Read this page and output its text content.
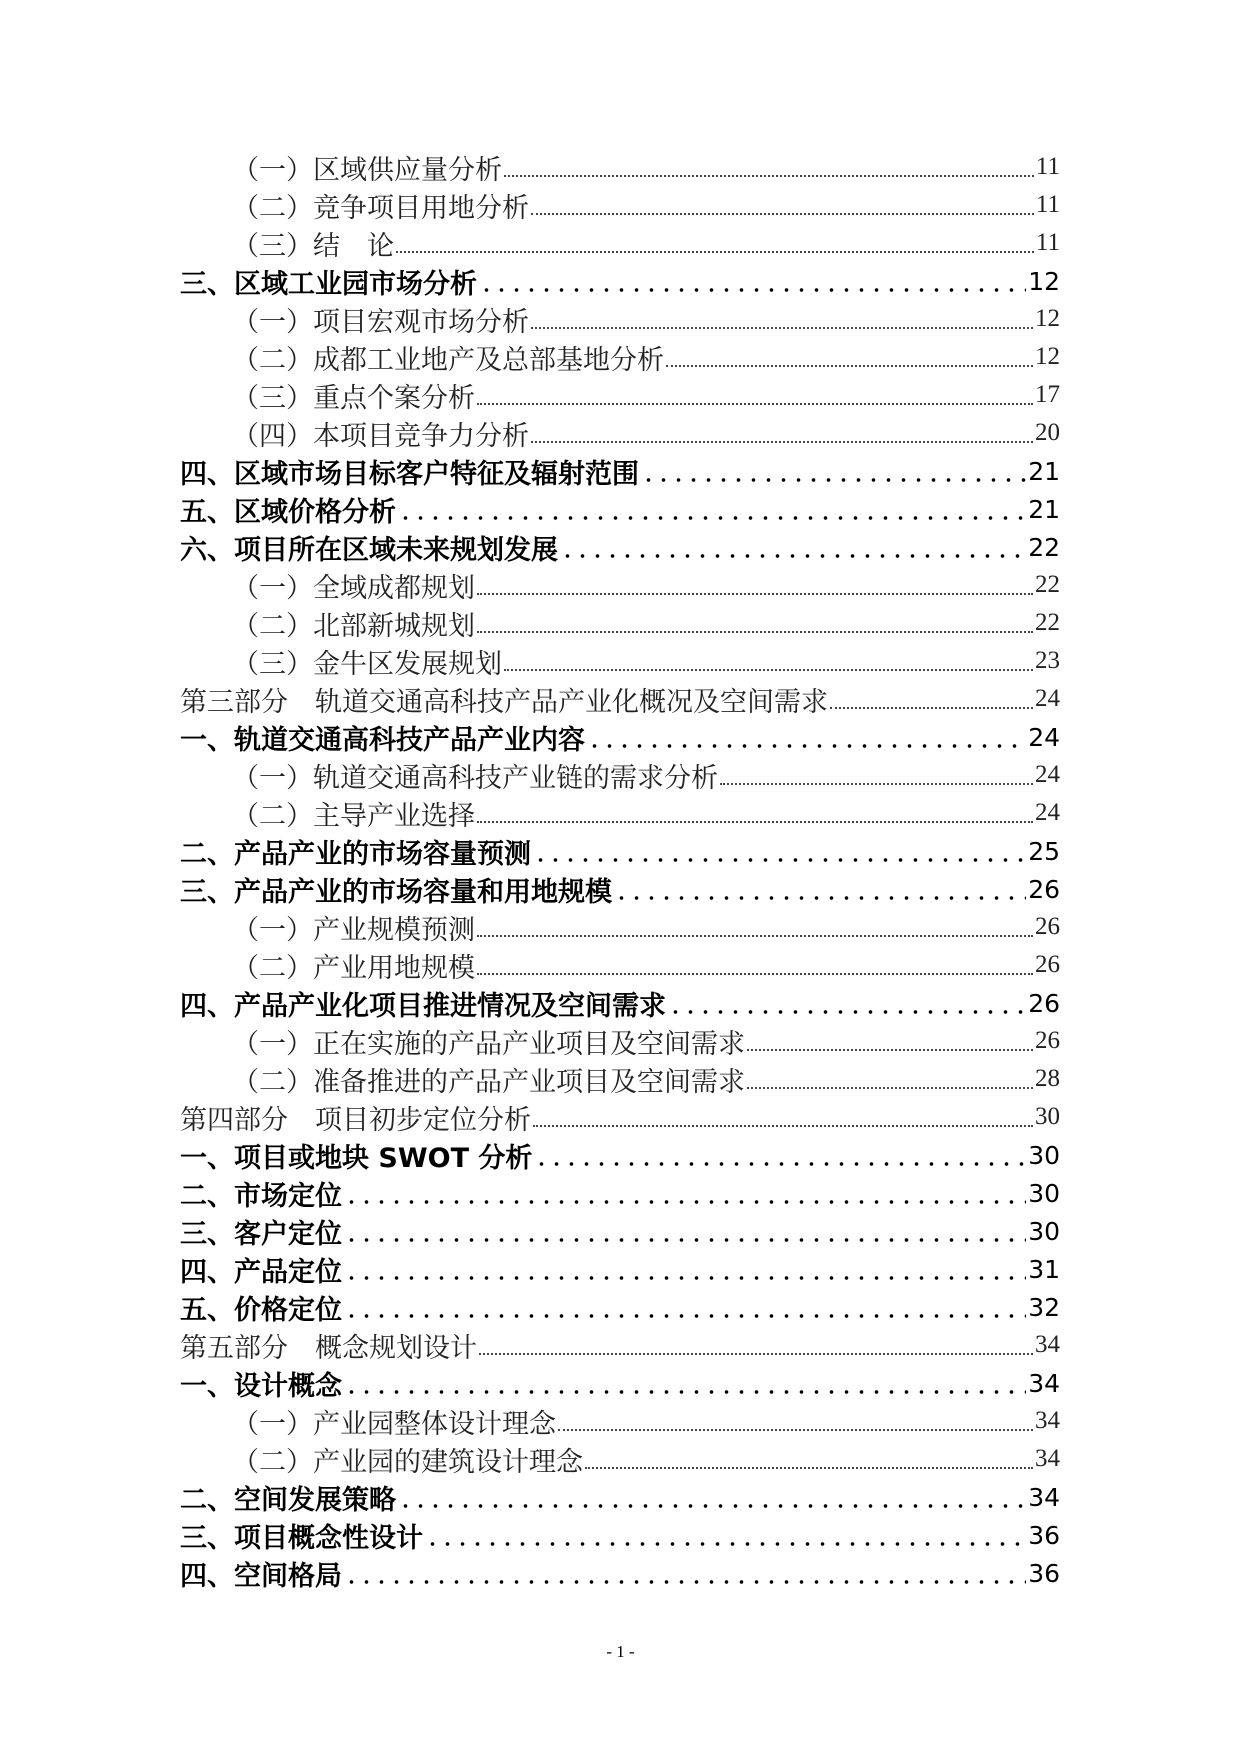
（一）区域供应量分析	11
（二）竞争项目用地分析	11
（三）结　论	11
三、区域工业园市场分析	12
（一）项目宏观市场分析	12
（二）成都工业地产及总部基地分析	12
（三）重点个案分析	17
（四）本项目竞争力分析	20
四、区域市场目标客户特征及辐射范围	21
五、区域价格分析	21
六、项目所在区域未来规划发展	22
（一）全域成都规划	22
（二）北部新城规划	22
（三）金牛区发展规划	23
第三部分　轨道交通高科技产品产业化概况及空间需求	24
一、轨道交通高科技产品产业内容	24
（一）轨道交通高科技产业链的需求分析	24
（二）主导产业选择	24
二、产品产业的市场容量预测	25
三、产品产业的市场容量和用地规模	26
（一）产业规模预测	26
（二）产业用地规模	26
四、产品产业化项目推进情况及空间需求	26
（一）正在实施的产品产业项目及空间需求	26
（二）准备推进的产品产业项目及空间需求	28
第四部分　项目初步定位分析	30
一、项目或地块 SWOT 分析	30
二、市场定位	30
三、客户定位	30
四、产品定位	31
五、价格定位	32
第五部分　概念规划设计	34
一、设计概念	34
（一）产业园整体设计理念	34
（二）产业园的建筑设计理念	34
二、空间发展策略	34
三、项目概念性设计	36
四、空间格局	36
- 1 -
